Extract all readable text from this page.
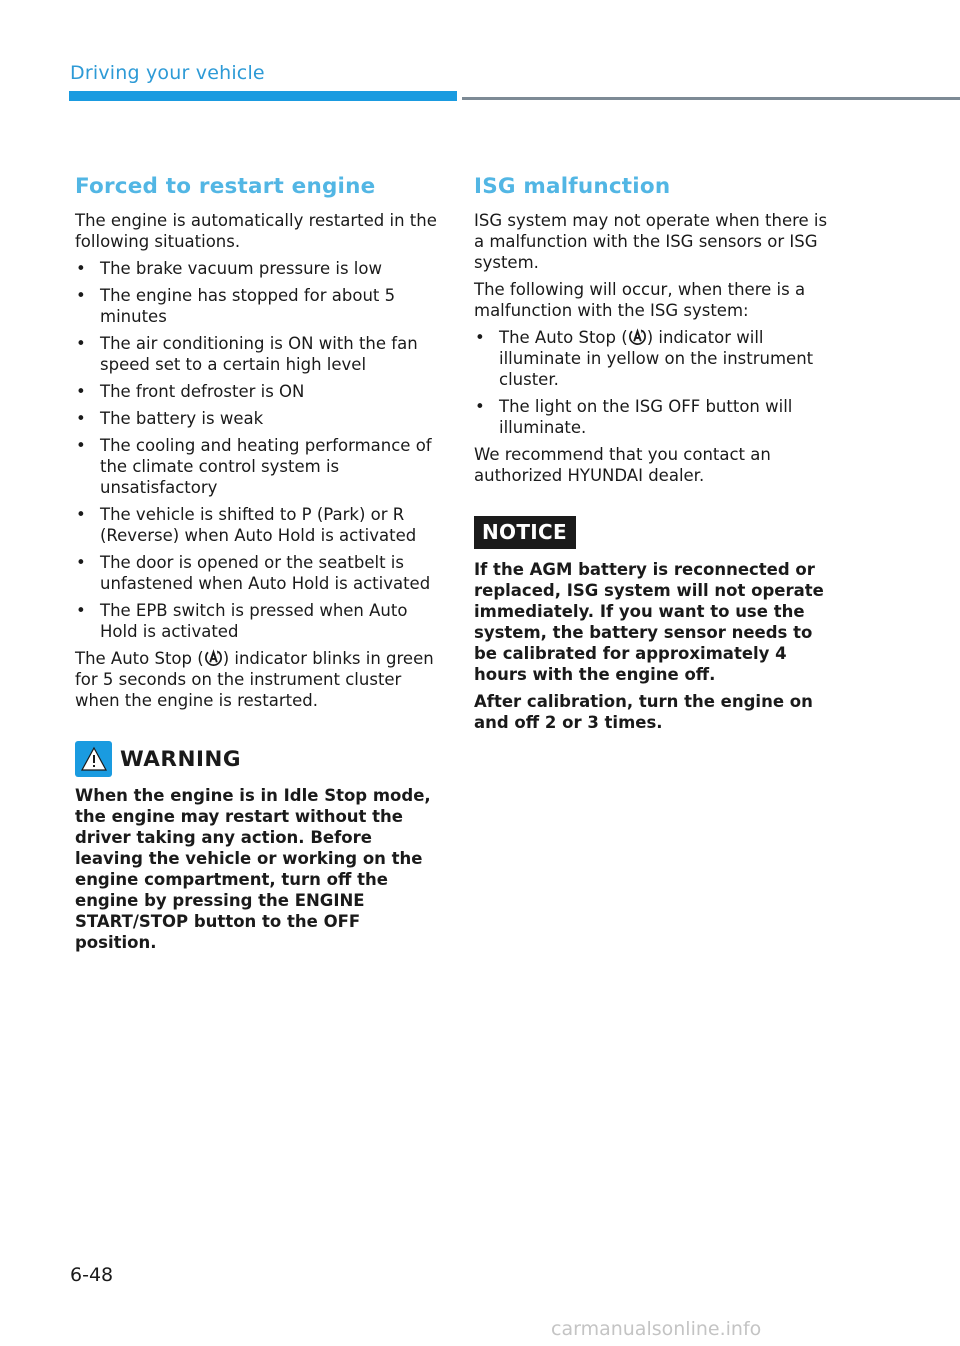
Driving your vehicle
Forced to restart engine

The engine is automatically restarted in the following situations.

• The brake vacuum pressure is low
• The engine has stopped for about 5 minutes
• The air conditioning is ON with the fan speed set to a certain high level
• The front defroster is ON
• The battery is weak
• The cooling and heating performance of the climate control system is unsatisfactory
• The vehicle is shifted to P (Park) or R (Reverse) when Auto Hold is activated
• The door is opened or the seatbelt is unfastened when Auto Hold is activated
• The EPB switch is pressed when Auto Hold is activated

The Auto Stop ( ) indicator blinks in green for 5 seconds on the instrument cluster when the engine is restarted.

WARNING

When the engine is in Idle Stop mode, the engine may restart without the driver taking any action. Before leaving the vehicle or working on the engine compartment, turn off the engine by pressing the ENGINE START/STOP button to the OFF position.

ISG malfunction

ISG system may not operate when there is a malfunction with the ISG sensors or ISG system.

The following will occur, when there is a malfunction with the ISG system:

• The Auto Stop ( ) indicator will illuminate in yellow on the instrument cluster.
• The light on the ISG OFF button will illuminate.

We recommend that you contact an authorized HYUNDAI dealer.

NOTICE

If the AGM battery is reconnected or replaced, ISG system will not operate immediately. If you want to use the system, the battery sensor needs to be calibrated for approximately 4 hours with the engine off.

After calibration, turn the engine on and off 2 or 3 times.

6-48
carmanualsonline.info
